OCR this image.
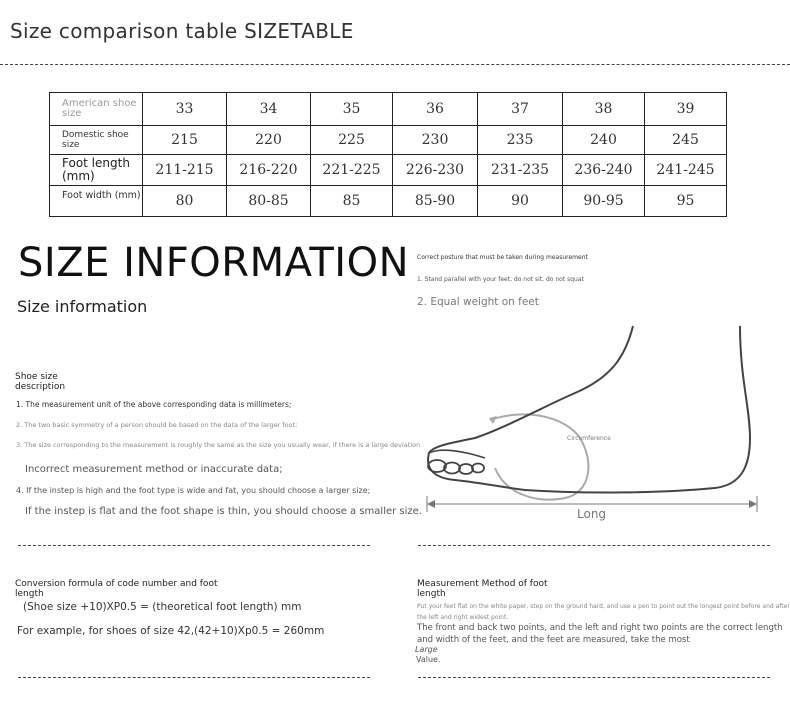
Size comparison table SIZETABLE
American shoe size	33	34	35	36	37	38	39
Domestic shoe size	215	220	225	230	235	240	245
Foot length (mm)	211-215	216-220	221-225	226-230	231-235	236-240	241-245
Foot width (mm)	80	80-85	85	85-90	90	90-95	95
SIZE INFORMATION
Size information
Shoe size description
1. The measurement unit of the above corresponding data is millimeters;
2. The two basic symmetry of a person should be based on the data of the larger foot;
3. The size corresponding to the measurement is roughly the same as the size you usually wear, if there is a large deviation
Incorrect measurement method or inaccurate data;
4. If the instep is high and the foot type is wide and fat, you should choose a larger size;
If the instep is flat and the foot shape is thin, you should choose a smaller size.
Correct posture that must be taken during measurement
1. Stand parallel with your feet, do not sit, do not squat
2. Equal weight on feet
Circumference
Long
Conversion formula of code number and foot length
(Shoe size +10)XP0.5 = (theoretical foot length) mm
For example, for shoes of size 42,(42+10)Xp0.5 = 260mm
Measurement Method of foot length
Put your feet flat on the white paper, step on the ground hard, and use a pen to point out the longest point before and after
the left and right widest point.
The front and back two points, and the left and right two points are the correct length
and width of the feet, and the feet are measured, take the most
Large
Value.
